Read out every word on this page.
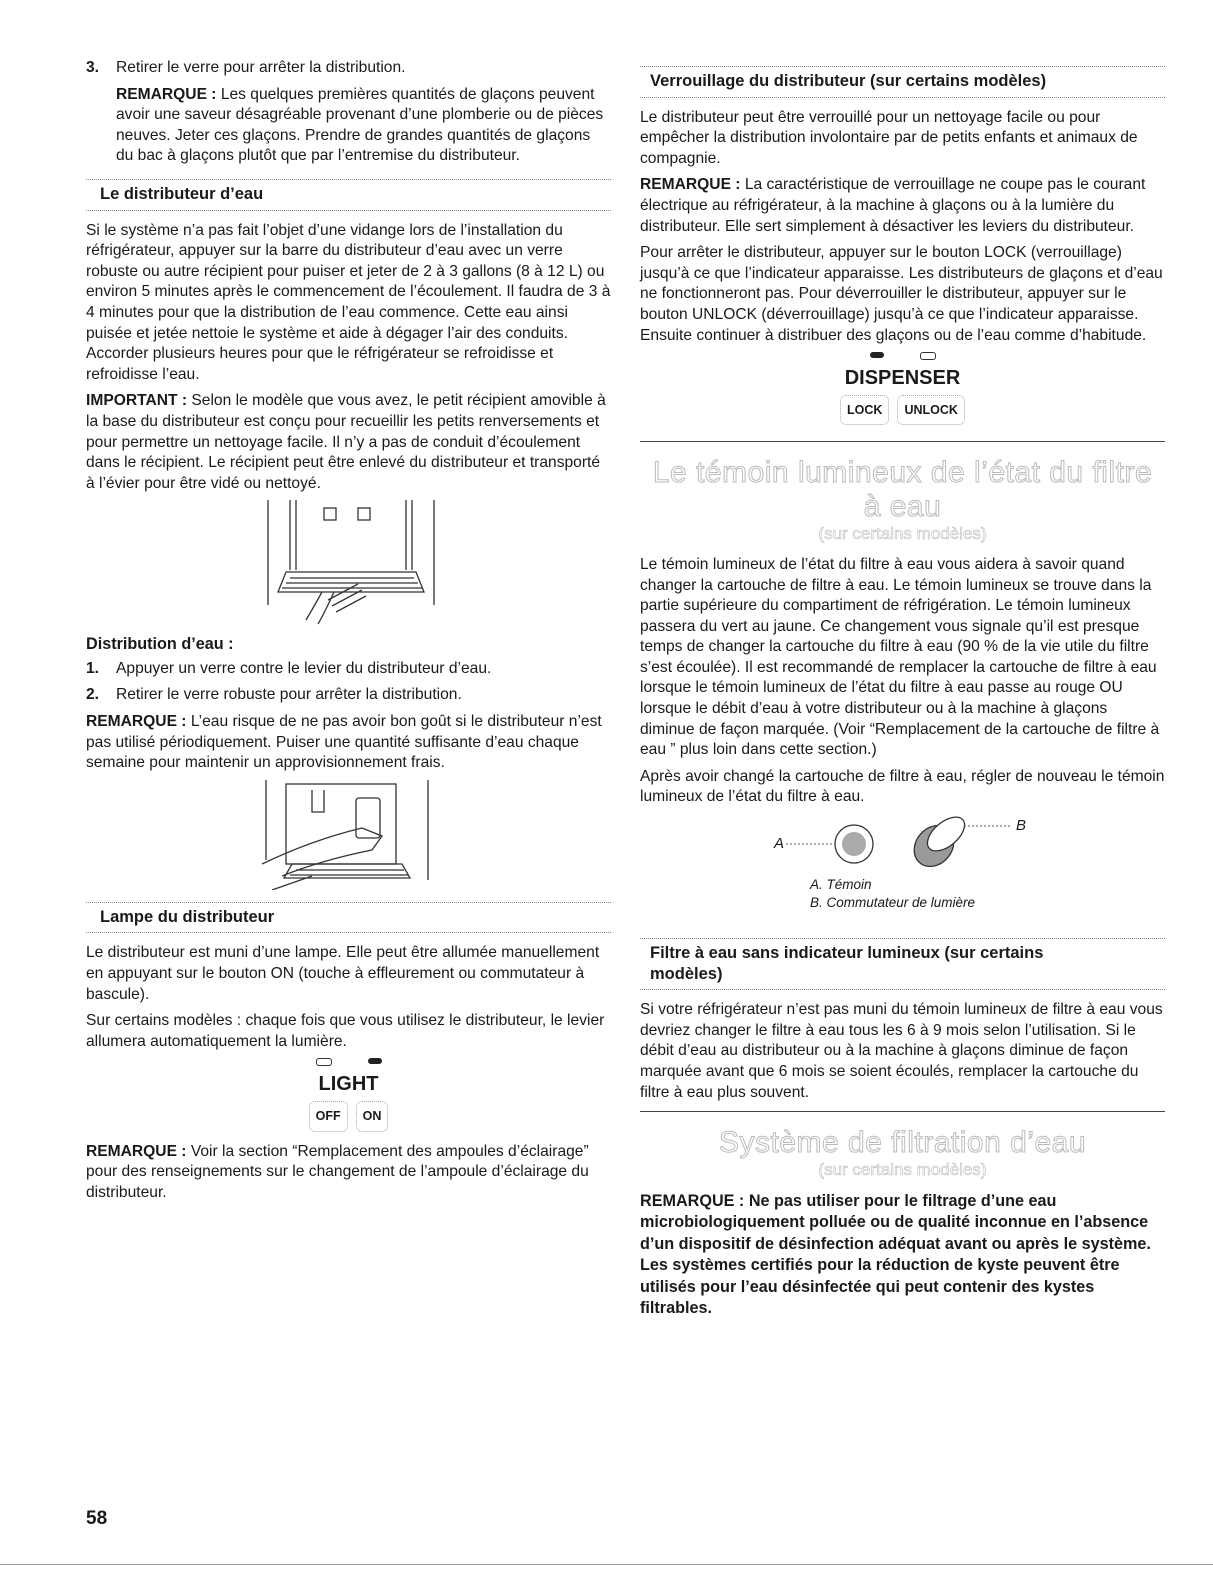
3.	Retirer le verre pour arrêter la distribution.

REMARQUE : Les quelques premières quantités de glaçons peuvent avoir une saveur désagréable provenant d’une plomberie ou de pièces neuves. Jeter ces glaçons. Prendre de grandes quantités de glaçons du bac à glaçons plutôt que par l’entremise du distributeur.

Le distributeur d’eau

Si le système n’a pas fait l’objet d’une vidange lors de l’installation du réfrigérateur, appuyer sur la barre du distributeur d’eau avec un verre robuste ou autre récipient pour puiser et jeter de 2 à 3 gallons (8 à 12 L) ou environ 5 minutes après le commencement de l’écoulement. Il faudra de 3 à 4 minutes pour que la distribution de l’eau commence. Cette eau ainsi puisée et jetée nettoie le système et aide à dégager l’air des conduits. Accorder plusieurs heures pour que le réfrigérateur se refroidisse et refroidisse l’eau.

IMPORTANT : Selon le modèle que vous avez, le petit récipient amovible à la base du distributeur est conçu pour recueillir les petits renversements et pour permettre un nettoyage facile. Il n’y a pas de conduit d’écoulement dans le récipient. Le récipient peut être enlevé du distributeur et transporté à l’évier pour être vidé ou nettoyé.

Distribution d’eau :
1.	Appuyer un verre contre le levier du distributeur d’eau.
2.	Retirer le verre robuste pour arrêter la distribution.

REMARQUE : L’eau risque de ne pas avoir bon goût si le distributeur n’est pas utilisé périodiquement. Puiser une quantité suffisante d’eau chaque semaine pour maintenir un approvisionnement frais.

Lampe du distributeur

Le distributeur est muni d’une lampe. Elle peut être allumée manuellement en appuyant sur le bouton ON (touche à effleurement ou commutateur à bascule).

Sur certains modèles : chaque fois que vous utilisez le distributeur, le levier allumera automatiquement la lumière.

LIGHT
OFF	ON

REMARQUE : Voir la section “Remplacement des ampoules d’éclairage” pour des renseignements sur le changement de l’ampoule d’éclairage du distributeur.

Verrouillage du distributeur (sur certains modèles)

Le distributeur peut être verrouillé pour un nettoyage facile ou pour empêcher la distribution involontaire par de petits enfants et animaux de compagnie.

REMARQUE : La caractéristique de verrouillage ne coupe pas le courant électrique au réfrigérateur, à la machine à glaçons ou à la lumière du distributeur. Elle sert simplement à désactiver les leviers du distributeur.

Pour arrêter le distributeur, appuyer sur le bouton LOCK (verrouillage) jusqu’à ce que l’indicateur apparaisse. Les distributeurs de glaçons et d’eau ne fonctionneront pas. Pour déverrouiller le distributeur, appuyer sur le bouton UNLOCK (déverrouillage) jusqu’à ce que l’indicateur apparaisse. Ensuite continuer à distribuer des glaçons ou de l’eau comme d’habitude.

DISPENSER
LOCK	UNLOCK
Le témoin lumineux de l’état du filtre à eau
(sur certains modèles)

Le témoin lumineux de l’état du filtre à eau vous aidera à savoir quand changer la cartouche de filtre à eau. Le témoin lumineux se trouve dans la partie supérieure du compartiment de réfrigération. Le témoin lumineux passera du vert au jaune. Ce changement vous signale qu’il est presque temps de changer la cartouche du filtre à eau (90 % de la vie utile du filtre s’est écoulée). Il est recommandé de remplacer la cartouche de filtre à eau lorsque le témoin lumineux de l’état du filtre à eau passe au rouge OU lorsque le débit d’eau à votre distributeur ou à la machine à glaçons diminue de façon marquée. (Voir “Remplacement de la cartouche de filtre à eau ” plus loin dans cette section.)

Après avoir changé la cartouche de filtre à eau, régler de nouveau le témoin lumineux de l’état du filtre à eau.

A
B
A. Témoin
B. Commutateur de lumière
Filtre à eau sans indicateur lumineux (sur certains modèles)

Si votre réfrigérateur n’est pas muni du témoin lumineux de filtre à eau vous devriez changer le filtre à eau tous les 6 à 9 mois selon l’utilisation. Si le débit d’eau au distributeur ou à la machine à glaçons diminue de façon marquée avant que 6 mois se soient écoulés, remplacer la cartouche du filtre à eau plus souvent.

Système de filtration d’eau
(sur certains modèles)

REMARQUE : Ne pas utiliser pour le filtrage d’une eau microbiologiquement polluée ou de qualité inconnue en l’absence d’un dispositif de désinfection adéquat avant ou après le système. Les systèmes certifiés pour la réduction de kyste peuvent être utilisés pour l’eau désinfectée qui peut contenir des kystes filtrables.

58
